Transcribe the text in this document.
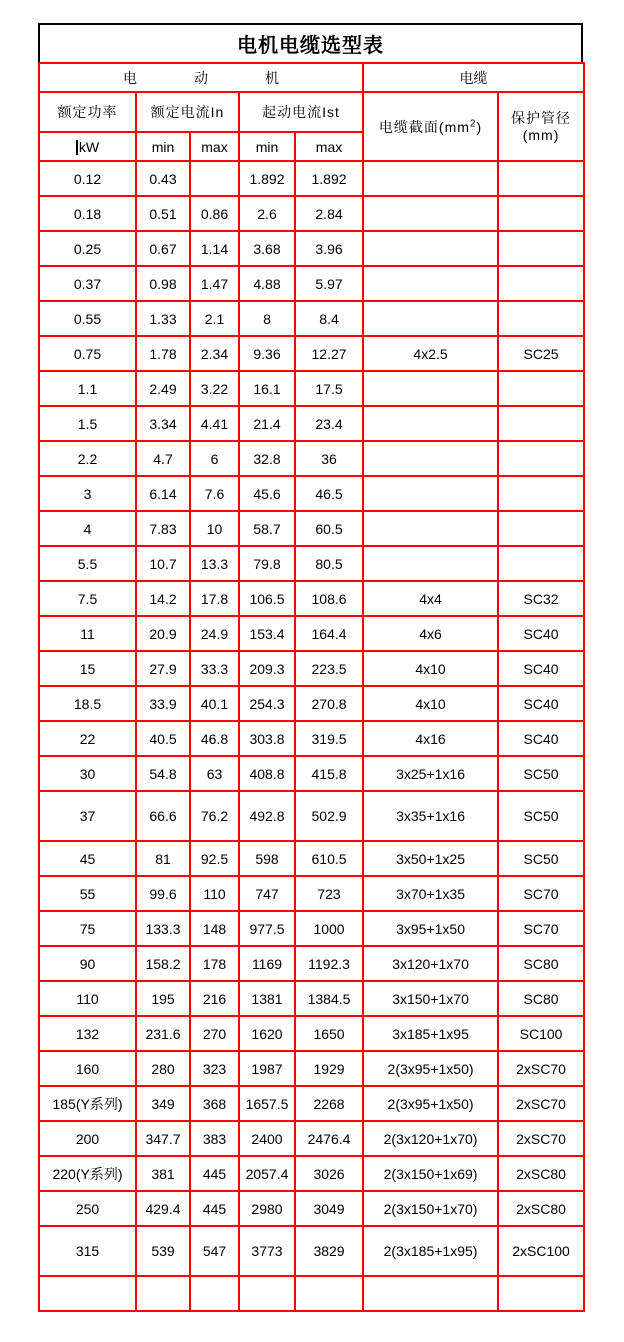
电机电缆选型表
电动机					电缆	
额定功率	额定电流In		起动电流Ist		电缆截面$(mm^2)$	保护管径
(mm)
kW	min	max	min	max		
0.12	0.43		1.892	1.892		
0.18	0.51	0.86	2.6	2.84		
0.25	0.67	1.14	3.68	3.96		
0.37	0.98	1.47	4.88	5.97		
0.55	1.33	2.1	8	8.4		
0.75	1.78	2.34	9.36	12.27	4x2.5	SC25
1.1	2.49	3.22	16.1	17.5		
1.5	3.34	4.41	21.4	23.4		
2.2	4.7	6	32.8	36		
3	6.14	7.6	45.6	46.5		
4	7.83	10	58.7	60.5		
5.5	10.7	13.3	79.8	80.5		
7.5	14.2	17.8	106.5	108.6	4x4	SC32
11	20.9	24.9	153.4	164.4	4x6	SC40
15	27.9	33.3	209.3	223.5	4x10	SC40
18.5	33.9	40.1	254.3	270.8	4x10	SC40
22	40.5	46.8	303.8	319.5	4x16	SC40
30	54.8	63	408.8	415.8	3x25+1x16	SC50
37	66.6	76.2	492.8	502.9	3x35+1x16	SC50
45	81	92.5	598	610.5	3x50+1x25	SC50
55	99.6	110	747	723	3x70+1x35	SC70
75	133.3	148	977.5	1000	3x95+1x50	SC70
90	158.2	178	1169	1192.3	3x120+1x70	SC80
110	195	216	1381	1384.5	3x150+1x70	SC80
132	231.6	270	1620	1650	3x185+1x95	SC100
160	280	323	1987	1929	2(3x95+1x50)	2xSC70
185(Y系列)	349	368	1657.5	2268	2(3x95+1x50)	2xSC70
200	347.7	383	2400	2476.4	2(3x120+1x70)	2xSC70
220(Y系列)	381	445	2057.4	3026	2(3x150+1x69)	2xSC80
250	429.4	445	2980	3049	2(3x150+1x70)	2xSC80
315	539	547	3773	3829	2(3x185+1x95)	2xSC100
